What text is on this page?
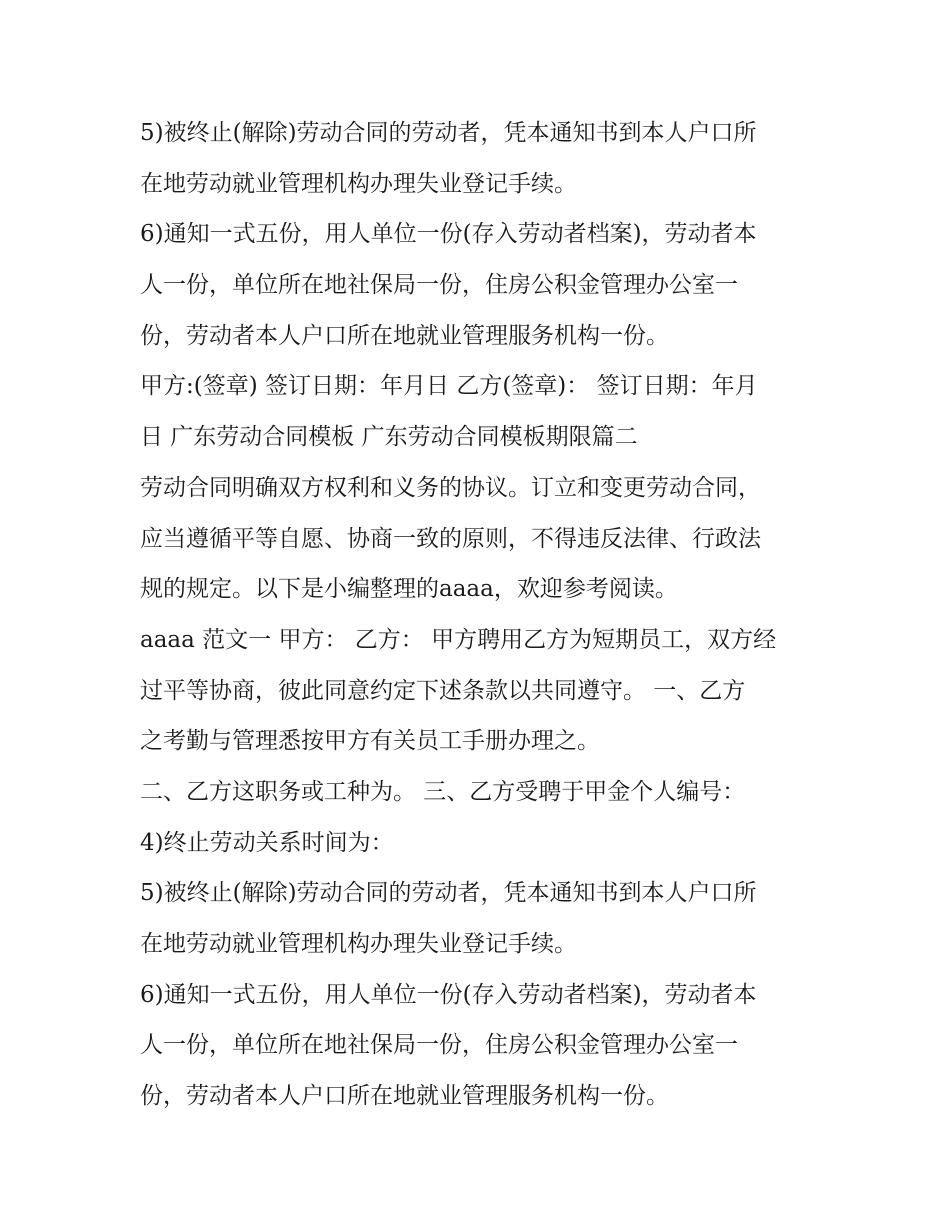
5)被终止(解除)劳动合同的劳动者，凭本通知书到本人户口所
在地劳动就业管理机构办理失业登记手续。
6)通知一式五份，用人单位一份(存入劳动者档案)，劳动者本
人一份，单位所在地社保局一份，住房公积金管理办公室一
份，劳动者本人户口所在地就业管理服务机构一份。
甲方:(签章) 签订日期：年月日 乙方(签章)： 签订日期：年月
日 广东劳动合同模板 广东劳动合同模板期限篇二
劳动合同明确双方权利和义务的协议。订立和变更劳动合同，
应当遵循平等自愿、协商一致的原则，不得违反法律、行政法
规的规定。以下是小编整理的aaaa，欢迎参考阅读。
aaaa 范文一 甲方： 乙方： 甲方聘用乙方为短期员工，双方经
过平等协商，彼此同意约定下述条款以共同遵守。 一、乙方
之考勤与管理悉按甲方有关员工手册办理之。
二、乙方这职务或工种为。 三、乙方受聘于甲金个人编号：
4)终止劳动关系时间为：
5)被终止(解除)劳动合同的劳动者，凭本通知书到本人户口所
在地劳动就业管理机构办理失业登记手续。
6)通知一式五份，用人单位一份(存入劳动者档案)，劳动者本
人一份，单位所在地社保局一份，住房公积金管理办公室一
份，劳动者本人户口所在地就业管理服务机构一份。
